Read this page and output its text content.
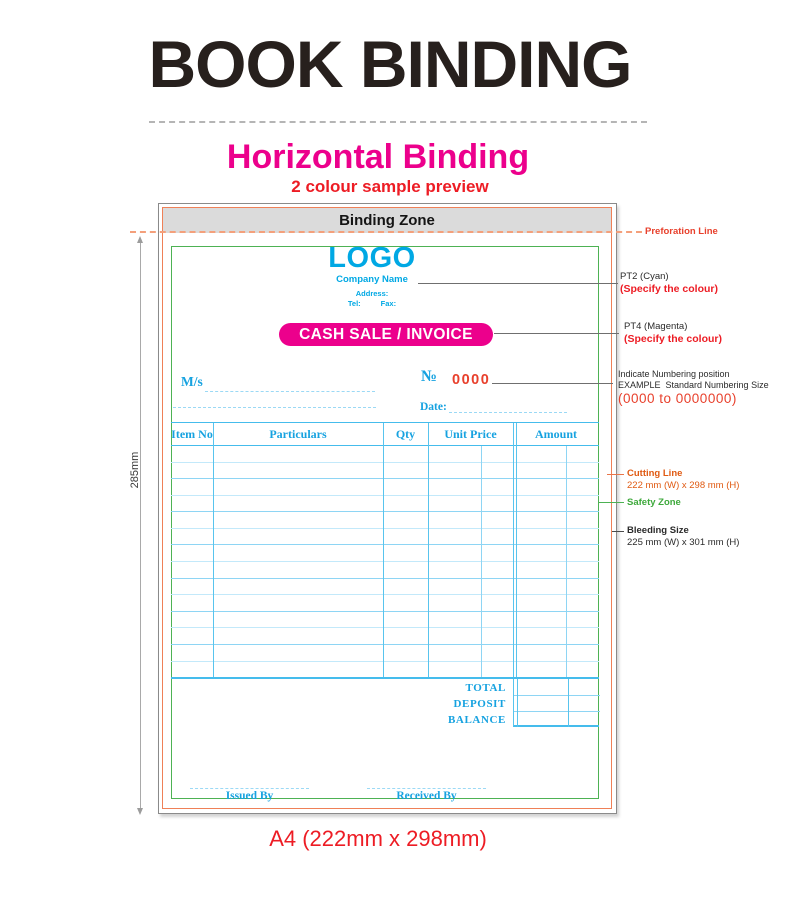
BOOK BINDING
Horizontal Binding
2 colour sample preview
Binding Zone
LOGO
Company Name
Address:
Tel:	Fax:
CASH SALE / INVOICE
M/s	№ 0000
Date:
Item No	Particulars	Qty	Unit Price	Amount
TOTAL
DEPOSIT
BALANCE
Issued By	Received By
Preforation Line
PT2 (Cyan)
(Specify the colour)
PT4 (Magenta)
(Specify the colour)
Indicate Numbering position
EXAMPLE  Standard Numbering Size
(0000 to 0000000)
Cutting Line
222 mm (W) x 298 mm (H)
Safety Zone
Bleeding Size
225 mm (W) x 301 mm (H)
285mm
A4 (222mm x 298mm)
